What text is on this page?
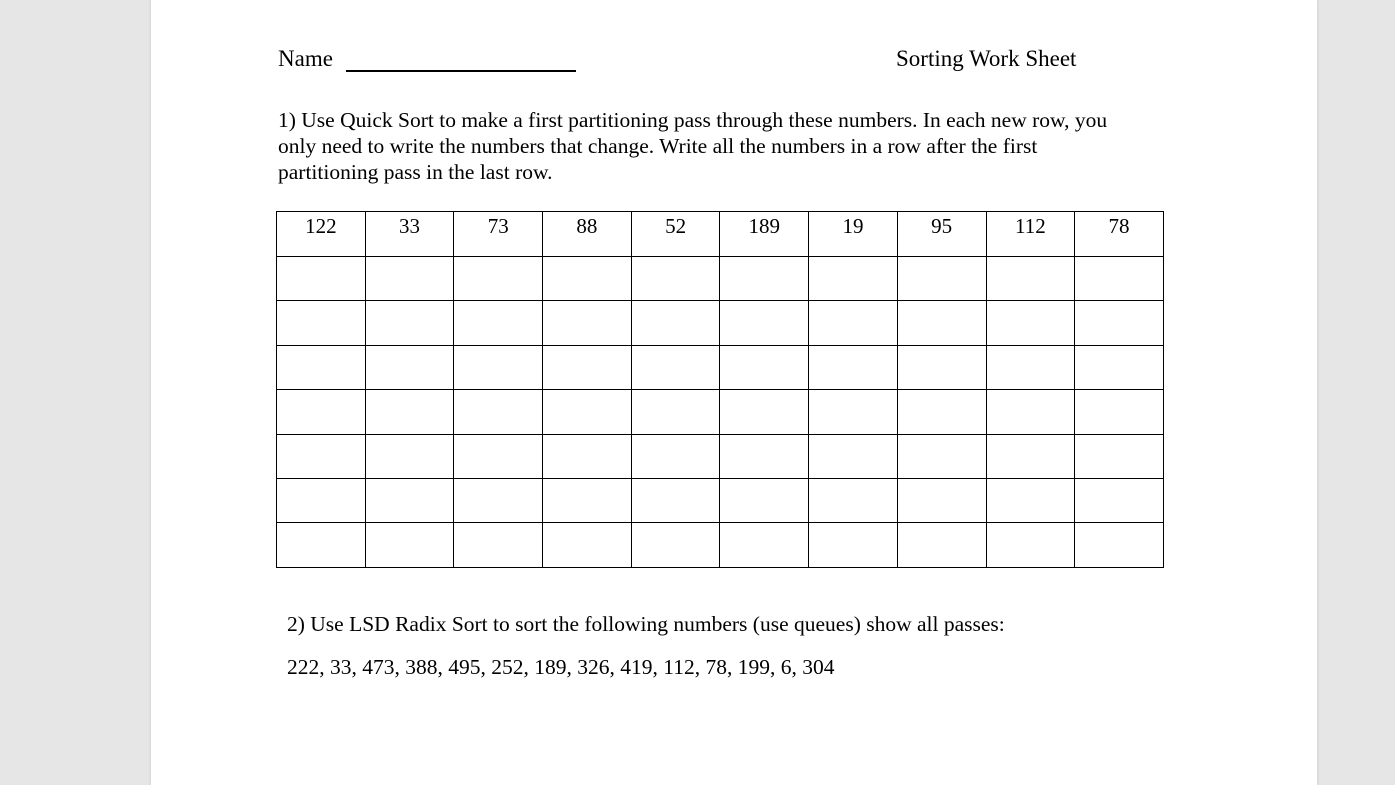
Name	Sorting Work Sheet
1) Use Quick Sort to make a first partitioning pass through these numbers. In each new row, you only need to write the numbers that change. Write all the numbers in a row after the first partitioning pass in the last row.
122	33	73	88	52	189	19	95	112	78

2) Use LSD Radix Sort to sort the following numbers (use queues) show all passes:
222, 33, 473, 388, 495, 252, 189, 326, 419, 112, 78, 199, 6, 304
